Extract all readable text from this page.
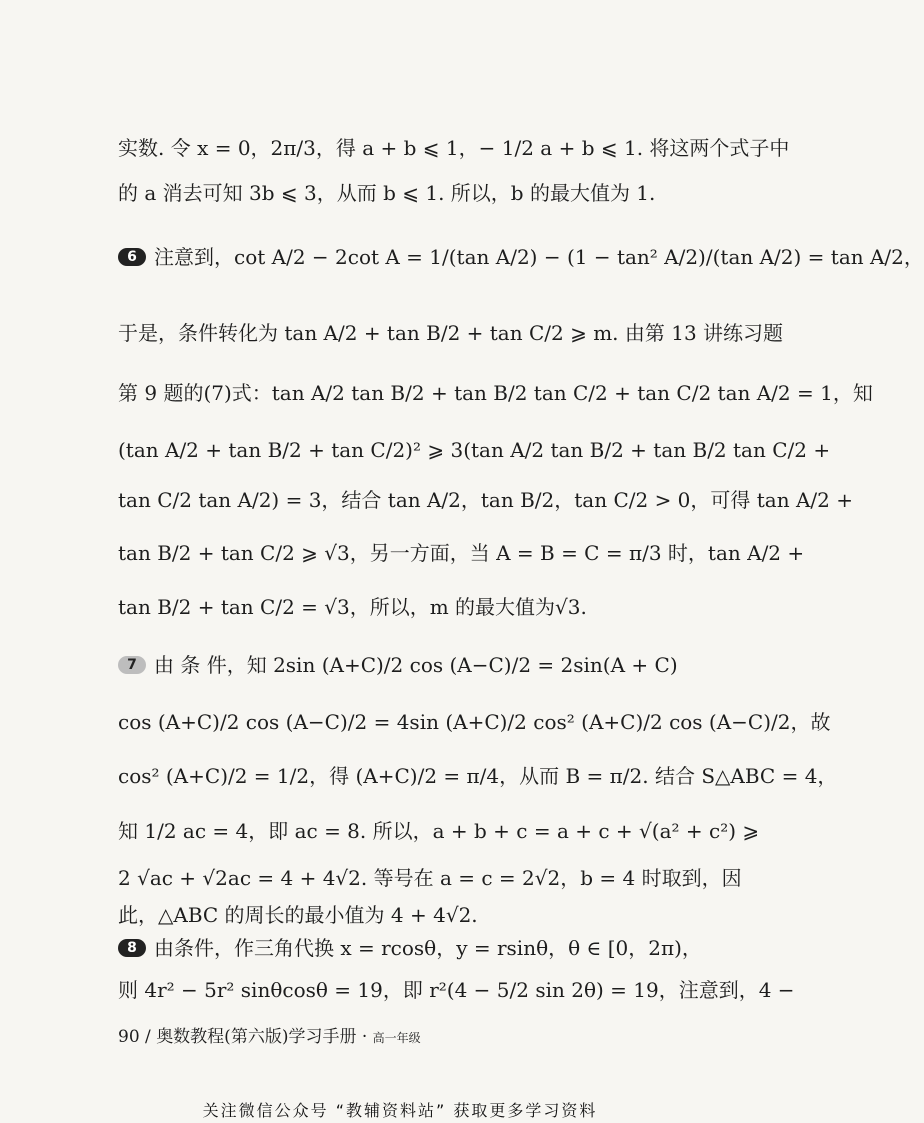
实数. 令 x = 0，2π/3，得 a + b ⩽ 1，− 1/2 a + b ⩽ 1. 将这两个式子中
的 a 消去可知 3b ⩽ 3，从而 b ⩽ 1. 所以，b 的最大值为 1.
6 注意到，cot A/2 − 2cot A = 1/(tan A/2) − (1 − tan² A/2)/(tan A/2) = tan A/2，
于是，条件转化为 tan A/2 + tan B/2 + tan C/2 ⩾ m. 由第 13 讲练习题
第 9 题的(7)式：tan A/2 tan B/2 + tan B/2 tan C/2 + tan C/2 tan A/2 = 1，知
(tan A/2 + tan B/2 + tan C/2)² ⩾ 3(tan A/2 tan B/2 + tan B/2 tan C/2 +
tan C/2 tan A/2) = 3，结合 tan A/2，tan B/2，tan C/2 > 0，可得 tan A/2 +
tan B/2 + tan C/2 ⩾ √3，另一方面，当 A = B = C = π/3 时，tan A/2 +
tan B/2 + tan C/2 = √3，所以，m 的最大值为√3.
7 由 条 件，知 2sin (A+C)/2 cos (A−C)/2 = 2sin(A + C)
cos (A+C)/2 cos (A−C)/2 = 4sin (A+C)/2 cos² (A+C)/2 cos (A−C)/2，故
cos² (A+C)/2 = 1/2，得 (A+C)/2 = π/4，从而 B = π/2. 结合 S△ABC = 4，
知 1/2 ac = 4，即 ac = 8. 所以，a + b + c = a + c + √(a² + c²) ⩾
2 √ac + √2ac = 4 + 4√2. 等号在 a = c = 2√2，b = 4 时取到，因
此，△ABC 的周长的最小值为 4 + 4√2.
8 由条件，作三角代换 x = rcosθ，y = rsinθ，θ ∈ [0，2π)，
则 4r² − 5r² sinθcosθ = 19，即 r²(4 − 5/2 sin 2θ) = 19，注意到，4 −
90 / 奥数教程(第六版)学习手册 · 高一年级
关注微信公众号 “教辅资料站” 获取更多学习资料
